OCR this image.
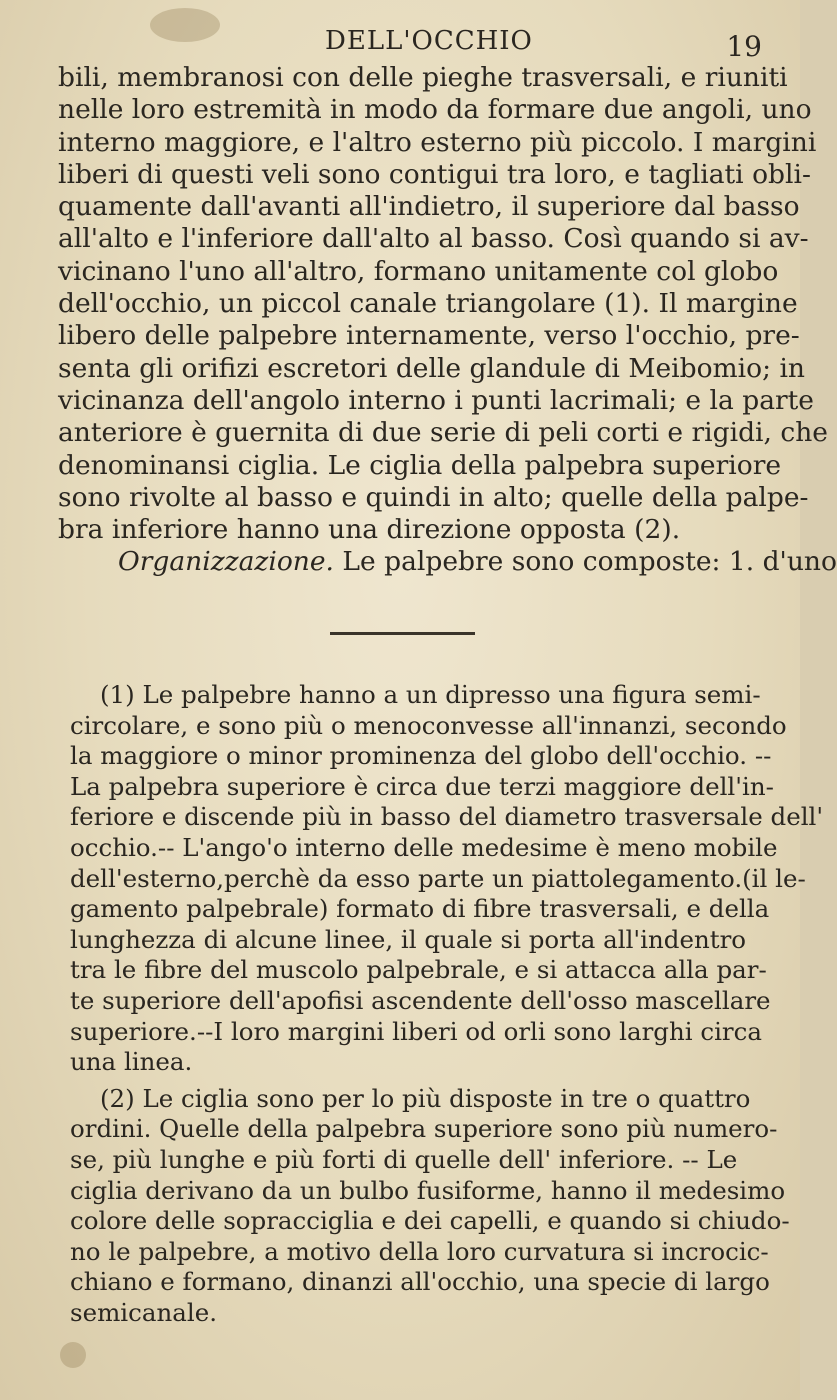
DELL'OCCHIO	19
bili, membranosi con delle pieghe trasversali, e riuniti
nelle loro estremità in modo da formare due angoli, uno
interno maggiore, e l'altro esterno più piccolo. I margini
liberi di questi veli sono contigui tra loro, e tagliati obli-
quamente dall'avanti all'indietro, il superiore dal basso
all'alto e l'inferiore dall'alto al basso. Così quando si av-
vicinano l'uno all'altro, formano unitamente col globo
dell'occhio, un piccol canale triangolare (1). Il margine
libero delle palpebre internamente, verso l'occhio, pre-
senta gli orifizi escretori delle glandule di Meibomio; in
vicinanza dell'angolo interno i punti lacrimali; e la parte
anteriore è guernita di due serie di peli corti e rigidi, che
denominansi ciglia. Le ciglia della palpebra superiore
sono rivolte al basso e quindi in alto; quelle della palpe-
bra inferiore hanno una direzione opposta (2).
Organizzazione. Le palpebre sono composte: 1. d'uno
(1) Le palpebre hanno a un dipresso una figura semi-
circolare, e sono più o menoconvesse all'innanzi, secondo
la maggiore o minor prominenza del globo dell'occhio. --
La palpebra superiore è circa due terzi maggiore dell'in-
feriore e discende più in basso del diametro trasversale dell'
occhio.-- L'ango'o interno delle medesime è meno mobile
dell'esterno,perchè da esso parte un piattolegamento.(il le-
gamento palpebrale) formato di fibre trasversali, e della
lunghezza di alcune linee, il quale si porta all'indentro
tra le fibre del muscolo palpebrale, e si attacca alla par-
te superiore dell'apofisi ascendente dell'osso mascellare
superiore.--I loro margini liberi od orli sono larghi circa
una linea.
(2) Le ciglia sono per lo più disposte in tre o quattro
ordini. Quelle della palpebra superiore sono più numero-
se, più lunghe e più forti di quelle dell' inferiore. -- Le
ciglia derivano da un bulbo fusiforme, hanno il medesimo
colore delle sopracciglia e dei capelli, e quando si chiudo-
no le palpebre, a motivo della loro curvatura si incrocic-
chiano e formano, dinanzi all'occhio, una specie di largo
semicanale.
